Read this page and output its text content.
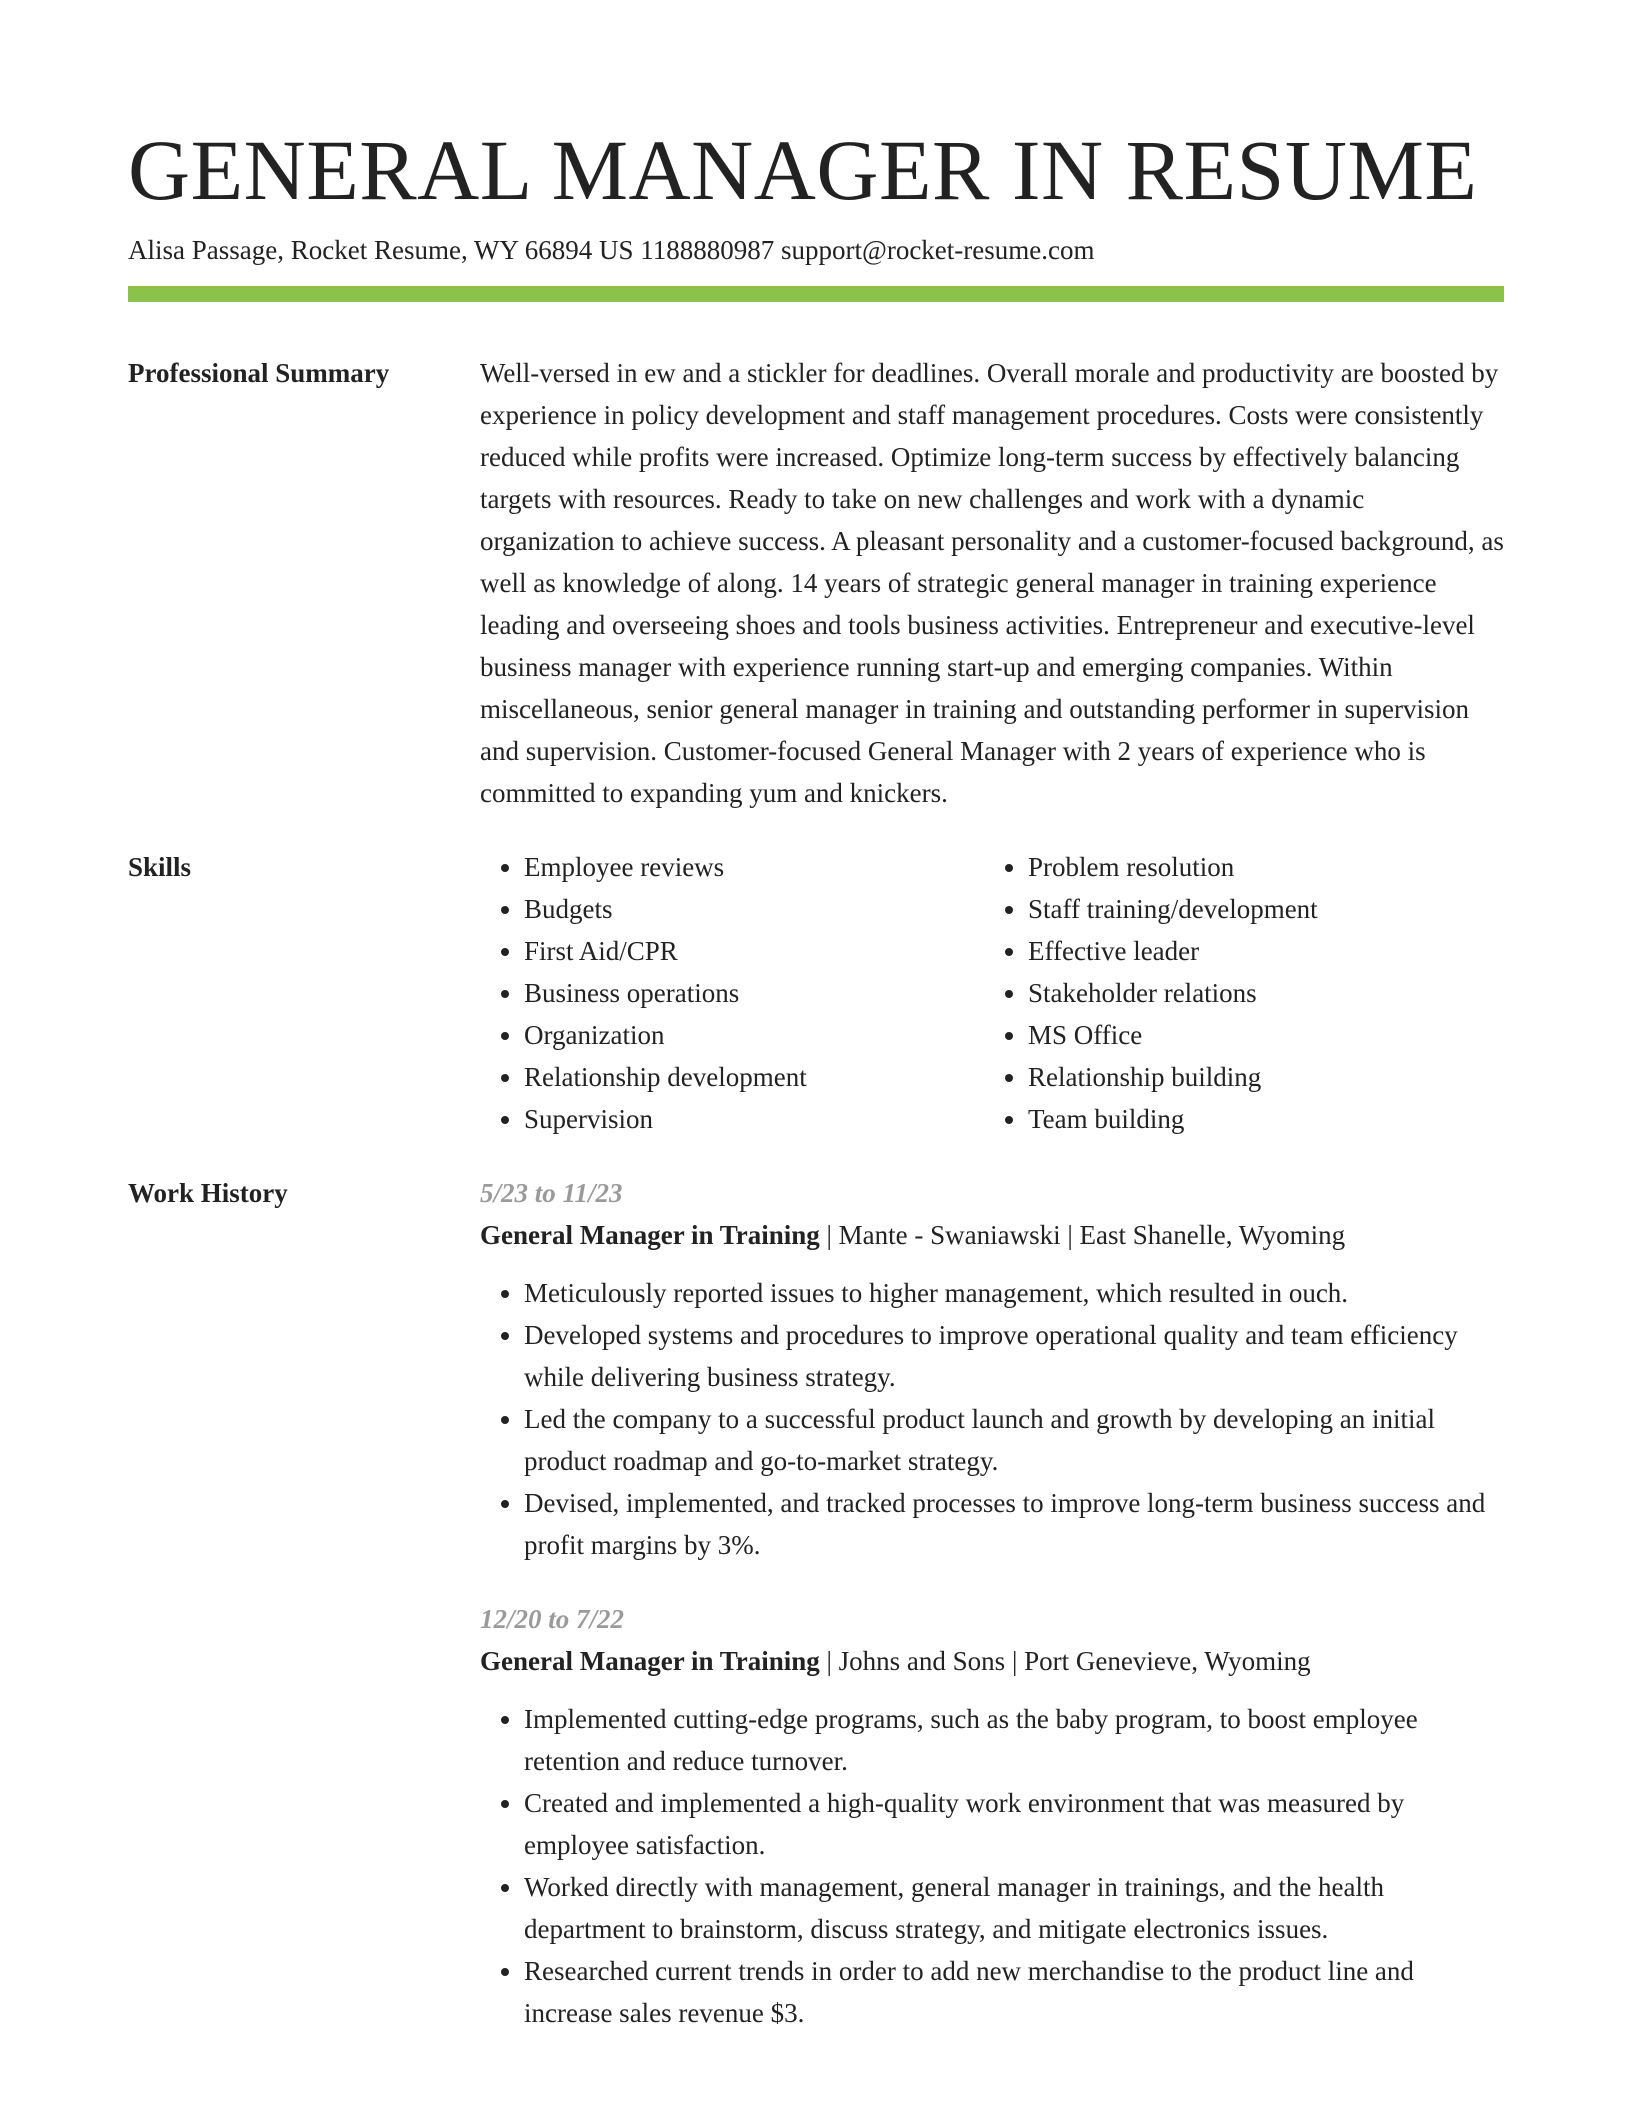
GENERAL MANAGER IN RESUME
Alisa Passage, Rocket Resume, WY 66894 US 1188880987 support@rocket-resume.com
Professional Summary	Well-versed in ew and a stickler for deadlines. Overall morale and productivity are boosted by experience in policy development and staff management procedures. Costs were consistently reduced while profits were increased. Optimize long-term success by effectively balancing targets with resources. Ready to take on new challenges and work with a dynamic organization to achieve success. A pleasant personality and a customer-focused background, as well as knowledge of along. 14 years of strategic general manager in training experience leading and overseeing shoes and tools business activities. Entrepreneur and executive-level business manager with experience running start-up and emerging companies. Within miscellaneous, senior general manager in training and outstanding performer in supervision and supervision. Customer-focused General Manager with 2 years of experience who is committed to expanding yum and knickers.
Skills
•	Employee reviews
• Budgets
• First Aid/CPR
• Business operations
• Organization
• Relationship development
• Supervision
• Problem resolution
• Staff training/development
• Effective leader
• Stakeholder relations
• MS Office
• Relationship building
• Team building
Work History	5/23 to 11/23
General Manager in Training | Mante - Swaniawski | East Shanelle, Wyoming
• Meticulously reported issues to higher management, which resulted in ouch.
• Developed systems and procedures to improve operational quality and team efficiency while delivering business strategy.
• Led the company to a successful product launch and growth by developing an initial product roadmap and go-to-market strategy.
• Devised, implemented, and tracked processes to improve long-term business success and profit margins by 3%.
12/20 to 7/22
General Manager in Training | Johns and Sons | Port Genevieve, Wyoming
• Implemented cutting-edge programs, such as the baby program, to boost employee retention and reduce turnover.
• Created and implemented a high-quality work environment that was measured by employee satisfaction.
• Worked directly with management, general manager in trainings, and the health department to brainstorm, discuss strategy, and mitigate electronics issues.
• Researched current trends in order to add new merchandise to the product line and increase sales revenue $3.
